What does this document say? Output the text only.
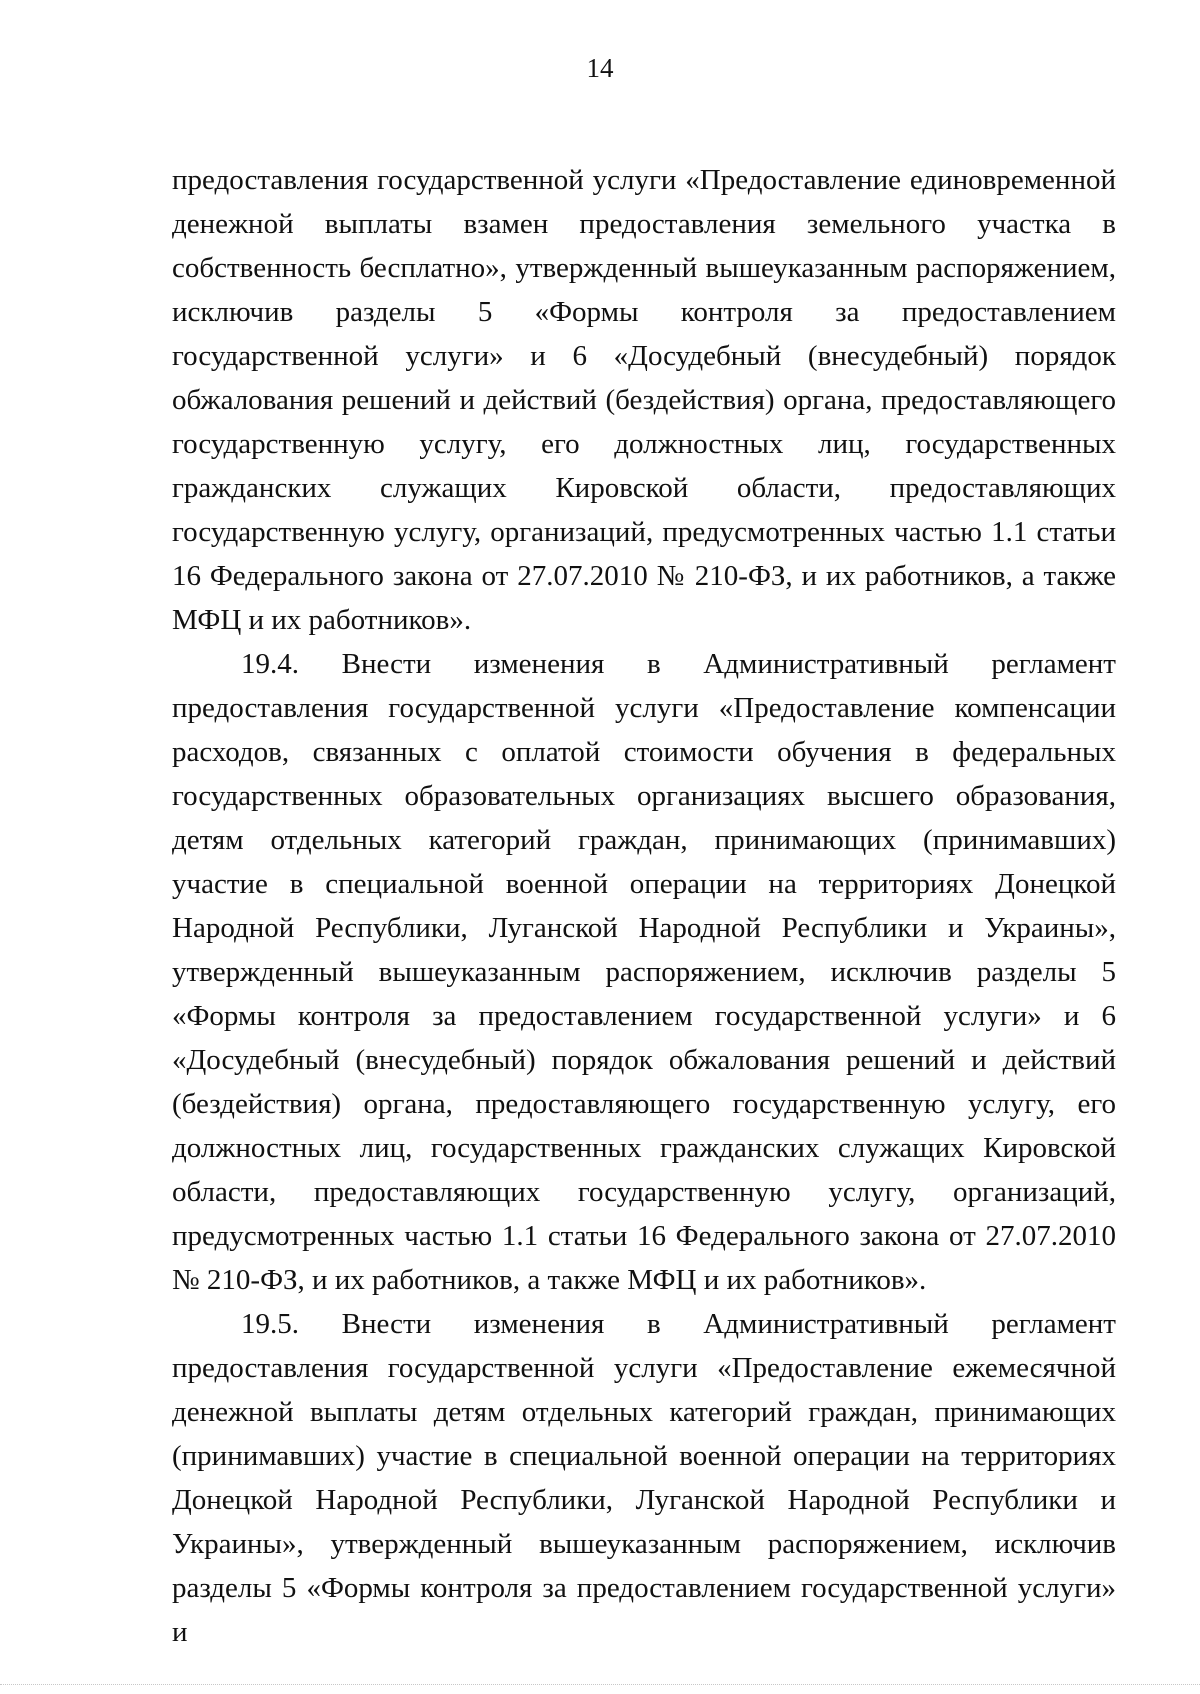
14

предоставления государственной услуги «Предоставление единовременной денежной выплаты взамен предоставления земельного участка в собственность бесплатно», утвержденный вышеуказанным распоряжением, исключив разделы 5 «Формы контроля за предоставлением государственной услуги» и 6 «Досудебный (внесудебный) порядок обжалования решений и действий (бездействия) органа, предоставляющего государственную услугу, его должностных лиц, государственных гражданских служащих Кировской области, предоставляющих государственную услугу, организаций, предусмотренных частью 1.1 статьи 16 Федерального закона от 27.07.2010 № 210-ФЗ, и их работников, а также МФЦ и их работников».

19.4. Внести изменения в Административный регламент предоставления государственной услуги «Предоставление компенсации расходов, связанных с оплатой стоимости обучения в федеральных государственных образовательных организациях высшего образования, детям отдельных категорий граждан, принимающих (принимавших) участие в специальной военной операции на территориях Донецкой Народной Республики, Луганской Народной Республики и Украины», утвержденный вышеуказанным распоряжением, исключив разделы 5 «Формы контроля за предоставлением государственной услуги» и 6 «Досудебный (внесудебный) порядок обжалования решений и действий (бездействия) органа, предоставляющего государственную услугу, его должностных лиц, государственных гражданских служащих Кировской области, предоставляющих государственную услугу, организаций, предусмотренных частью 1.1 статьи 16 Федерального закона от 27.07.2010 № 210-ФЗ, и их работников, а также МФЦ и их работников».

19.5. Внести изменения в Административный регламент предоставления государственной услуги «Предоставление ежемесячной денежной выплаты детям отдельных категорий граждан, принимающих (принимавших) участие в специальной военной операции на территориях Донецкой Народной Республики, Луганской Народной Республики и Украины», утвержденный вышеуказанным распоряжением, исключив разделы 5 «Формы контроля за предоставлением государственной услуги» и
